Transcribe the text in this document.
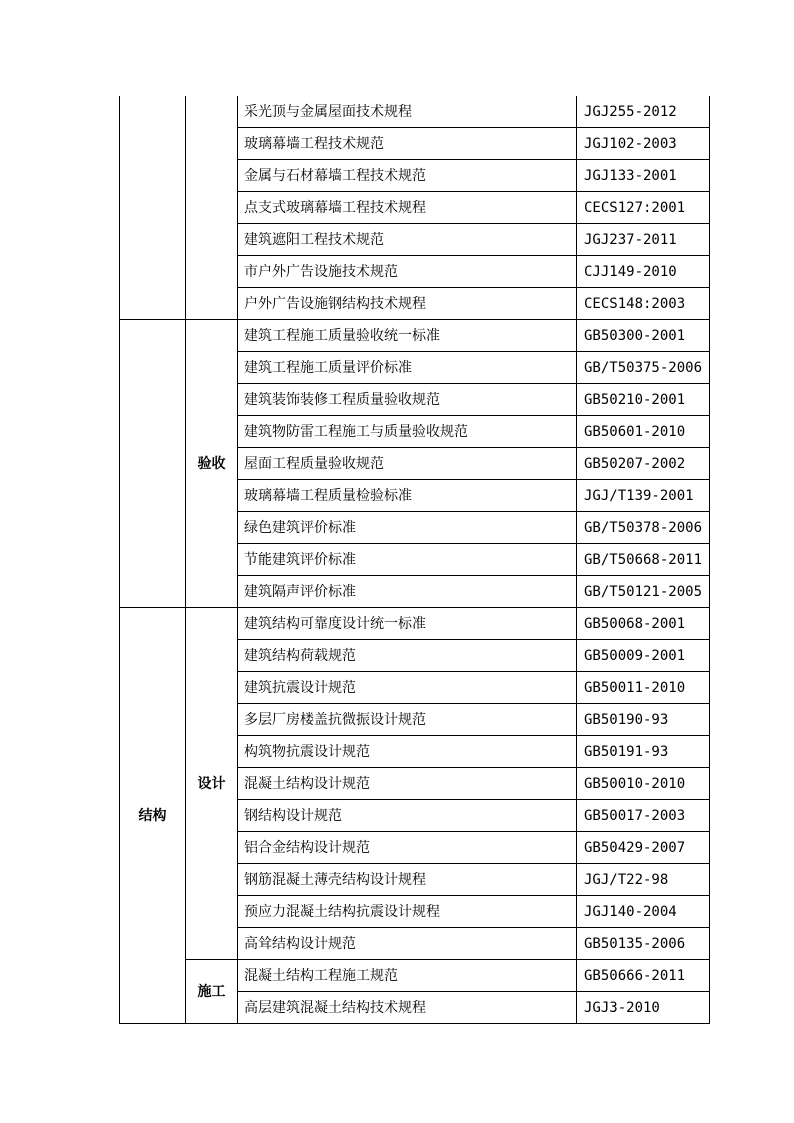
		采光顶与金属屋面技术规程	JGJ255-2012
		玻璃幕墙工程技术规范	JGJ102-2003
		金属与石材幕墙工程技术规范	JGJ133-2001
		点支式玻璃幕墙工程技术规程	CECS127:2001
		建筑遮阳工程技术规范	JGJ237-2011
		市户外广告设施技术规范	CJJ149-2010
		户外广告设施钢结构技术规程	CECS148:2003
	验收	建筑工程施工质量验收统一标准	GB50300-2001
		建筑工程施工质量评价标准	GB/T50375-2006
		建筑装饰装修工程质量验收规范	GB50210-2001
		建筑物防雷工程施工与质量验收规范	GB50601-2010
		屋面工程质量验收规范	GB50207-2002
		玻璃幕墙工程质量检验标准	JGJ/T139-2001
		绿色建筑评价标准	GB/T50378-2006
		节能建筑评价标准	GB/T50668-2011
		建筑隔声评价标准	GB/T50121-2005
结构	设计	建筑结构可靠度设计统一标准	GB50068-2001
		建筑结构荷载规范	GB50009-2001
		建筑抗震设计规范	GB50011-2010
		多层厂房楼盖抗微振设计规范	GB50190-93
		构筑物抗震设计规范	GB50191-93
		混凝土结构设计规范	GB50010-2010
		钢结构设计规范	GB50017-2003
		铝合金结构设计规范	GB50429-2007
		钢筋混凝土薄壳结构设计规程	JGJ/T22-98
		预应力混凝土结构抗震设计规程	JGJ140-2004
		高耸结构设计规范	GB50135-2006
	施工	混凝土结构工程施工规范	GB50666-2011
		高层建筑混凝土结构技术规程	JGJ3-2010
